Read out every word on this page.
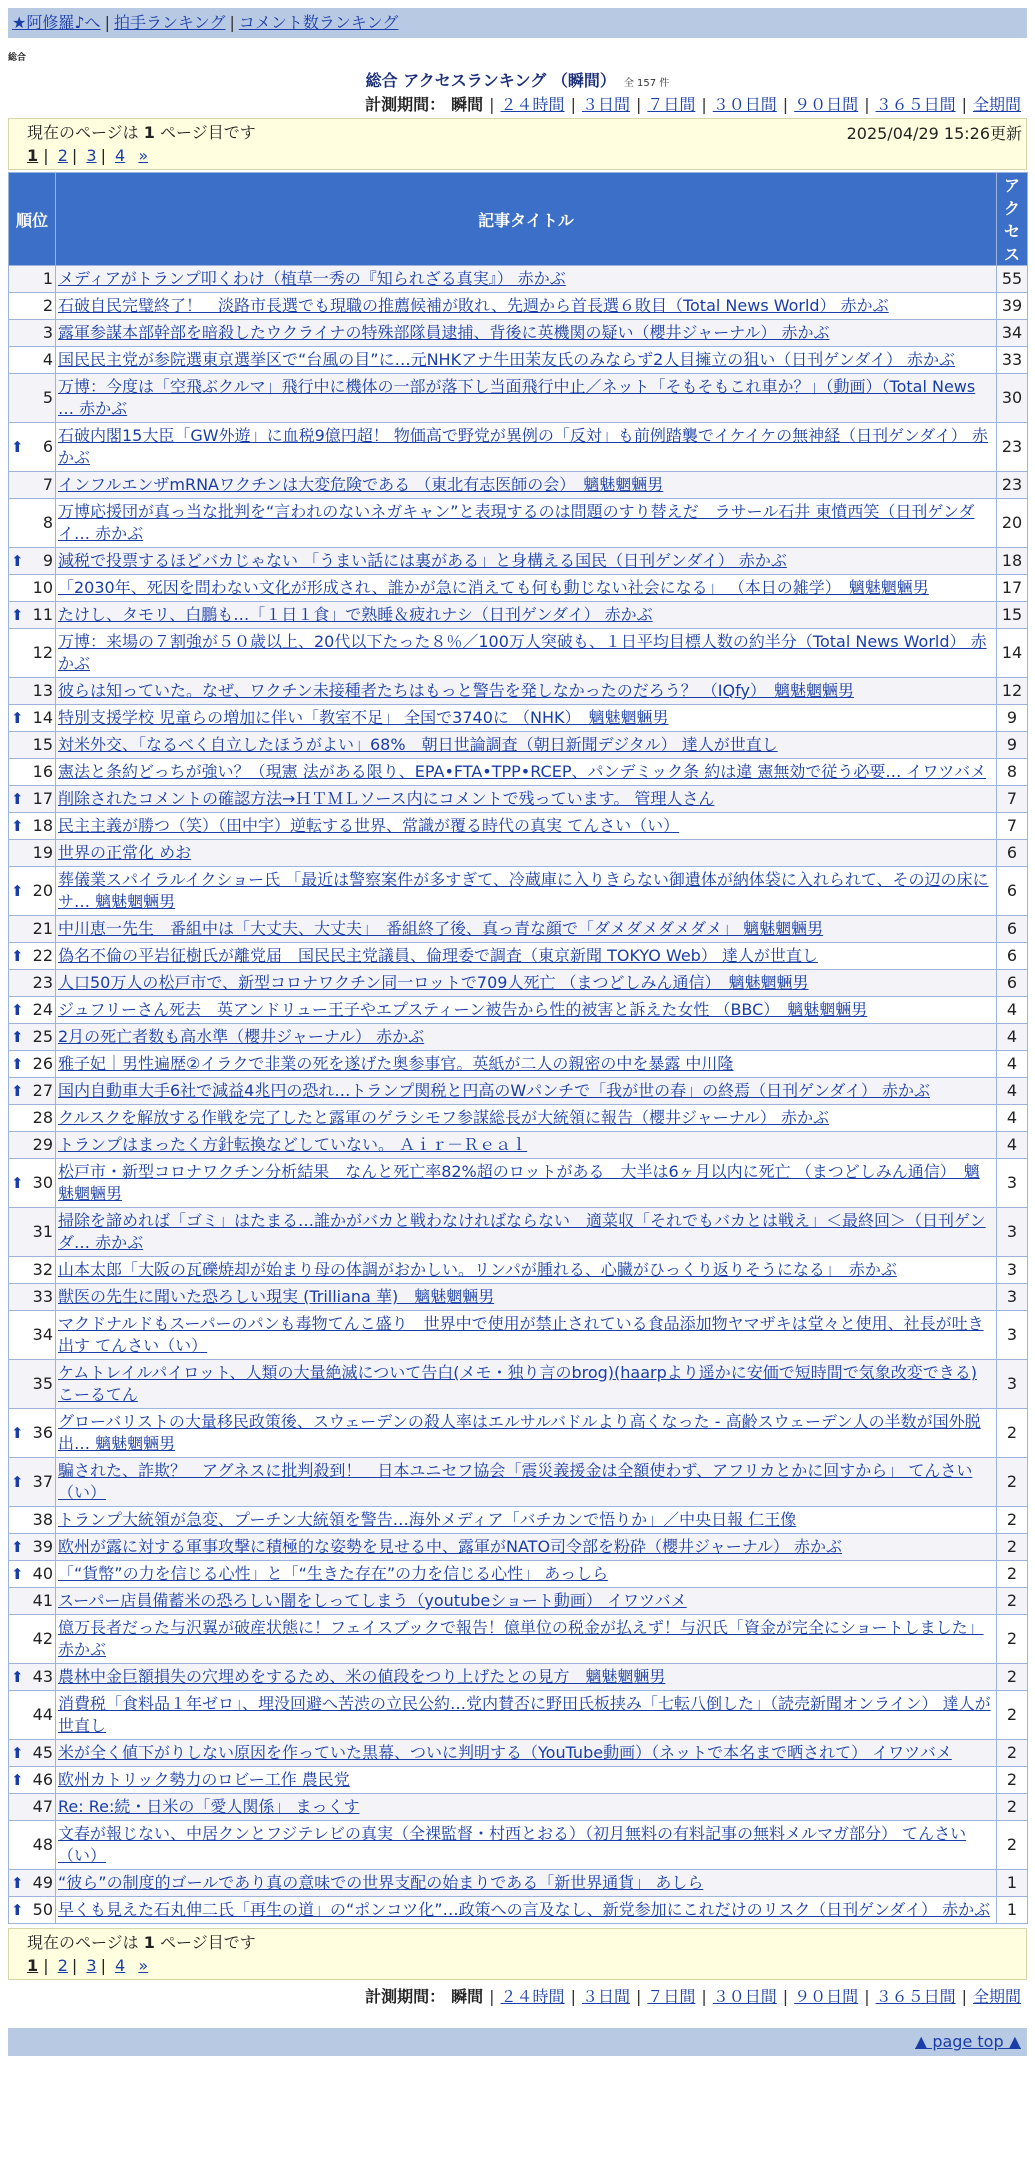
★阿修羅♪へ | 拍手ランキング | コメント数ランキング
総合
総合 アクセスランキング （瞬間） 全 157 件
計測期間： 瞬間 | ２４時間 | ３日間 | ７日間 | ３０日間 | ９０日間 | ３６５日間 | 全期間
現在のページは 1 ページ目です	2025/04/29 15:26更新
1 | 2 | 3 | 4 »
順位	記事タイトル	アクセス
1	メディアがトランプ叩くわけ（植草一秀の『知られざる真実』） 赤かぶ	55
2	石破自民完璧終了！　淡路市長選でも現職の推薦候補が敗れ、先週から首長選６敗目（Total News World） 赤かぶ	39
3	露軍参謀本部幹部を暗殺したウクライナの特殊部隊員逮捕、背後に英機関の疑い（櫻井ジャーナル） 赤かぶ	34
4	国民民主党が参院選東京選挙区で“台風の目”に…元NHKアナ牛田茉友氏のみならず2人目擁立の狙い（日刊ゲンダイ） 赤かぶ	33
5	万博：今度は「空飛ぶクルマ」飛行中に機体の一部が落下し当面飛行中止／ネット「そもそもこれ車か？」（動画）（Total News … 赤かぶ	30

⬆ 6	石破内閣15大臣「GW外遊」に血税9億円超！ 物価高で野党が異例の「反対」も前例踏襲でイケイケの無神経（日刊ゲンダイ） 赤かぶ	23
7	インフルエンザmRNAワクチンは大変危険である （東北有志医師の会）　魑魅魍魎男	23
8	万博応援団が真っ当な批判を“言われのないネガキャン”と表現するのは問題のすり替えだ　ラサール石井 東憤西笑（日刊ゲンダイ… 赤かぶ	20

⬆ 9	減税で投票するほどバカじゃない 「うまい話には裏がある」と身構える国民（日刊ゲンダイ） 赤かぶ	18
10	「2030年、死因を問わない文化が形成され、誰かが急に消えても何も動じない社会になる」 （本日の雑学）　魑魅魍魎男	17

⬆ 11	たけし、タモリ、白鵬も…「１日１食」で熟睡＆疲れナシ（日刊ゲンダイ） 赤かぶ	15
12	万博：来場の７割強が５０歳以上、20代以下たった８％／100万人突破も、１日平均目標人数の約半分（Total News World） 赤かぶ	14
13	彼らは知っていた。なぜ、ワクチン未接種者たちはもっと警告を発しなかったのだろう？ （IQfy）　魑魅魍魎男	12

⬆ 14	特別支援学校 児童らの増加に伴い「教室不足」 全国で3740に （NHK）　魑魅魍魎男	9
15	対米外交、「なるべく自立したほうがよい」68%　朝日世論調査（朝日新聞デジタル） 達人が世直し	9
16	憲法と条約どっちが強い？（現憲 法がある限り、EPA•FTA•TPP•RCEP、パンデミック条 約は違 憲無効で従う必要… イワツバメ	8

⬆ 17	削除されたコメントの確認方法→ＨＴＭＬソース内にコメントで残っています。 管理人さん	7

⬆ 18	民主主義が勝つ（笑）（田中宇）逆転する世界、常識が覆る時代の真実 てんさい（い）	7
19	世界の正常化 めお	6

⬆ 20	葬儀業スパイラルイクショー氏 「最近は警察案件が多すぎて、冷蔵庫に入りきらない御遺体が納体袋に入れられて、その辺の床にサ… 魑魅魍魎男	6
21	中川恵一先生　番組中は「大丈夫、大丈夫」　番組終了後、真っ青な顔で「ダメダメダメダメ」 魑魅魍魎男	6

⬆ 22	偽名不倫の平岩征樹氏が離党届　国民民主党議員、倫理委で調査（東京新聞 TOKYO Web） 達人が世直し	6
23	人口50万人の松戸市で、新型コロナワクチン同一ロットで709人死亡 （まつどしみん通信）　魑魅魍魎男	6

⬆ 24	ジュフリーさん死去　英アンドリュー王子やエプスティーン被告から性的被害と訴えた女性 （BBC）　魑魅魍魎男	4

⬆ 25	2月の死亡者数も高水準（櫻井ジャーナル） 赤かぶ	4

⬆ 26	雅子妃｜男性遍歴②イラクで非業の死を遂げた奥参事官。英紙が二人の親密の中を暴露 中川隆	4

⬆ 27	国内自動車大手6社で減益4兆円の恐れ…トランプ関税と円高のWパンチで「我が世の春」の終焉（日刊ゲンダイ） 赤かぶ	4
28	クルスクを解放する作戦を完了したと露軍のゲラシモフ参謀総長が大統領に報告（櫻井ジャーナル） 赤かぶ	4
29	トランプはまったく方針転換などしていない。 Ａｉｒ－Ｒｅａｌ	4

⬆ 30	松戸市・新型コロナワクチン分析結果　なんと死亡率82%超のロットがある　大半は6ヶ月以内に死亡 （まつどしみん通信）　魑魅魍魎男	3
31	掃除を諦めれば「ゴミ」はたまる…誰かがバカと戦わなければならない　適菜収「それでもバカとは戦え」＜最終回＞（日刊ゲンダ… 赤かぶ	3
32	山本太郎「大阪の瓦礫焼却が始まり母の体調がおかしい。リンパが腫れる、心臓がひっくり返りそうになる」　赤かぶ	3
33	獣医の先生に聞いた恐ろしい現実 (Trilliana 華)　魑魅魍魎男	3
34	マクドナルドもスーパーのパンも毒物てんこ盛り　世界中で使用が禁止されている食品添加物ヤマザキは堂々と使用、社長が吐き出す てんさい（い）	3
35	ケムトレイルパイロット、人類の大量絶滅について告白(メモ・独り言のbrog)(haarpより遥かに安価で短時間で気象改変できる) こーるてん	3

⬆ 36	グローバリストの大量移民政策後、スウェーデンの殺人率はエルサルバドルより高くなった - 高齢スウェーデン人の半数が国外脱出… 魑魅魍魎男	2

⬆ 37	騙された、詐欺？　アグネスに批判殺到！　日本ユニセフ協会「震災義援金は全額使わず、アフリカとかに回すから」 てんさい（い）	2
38	トランプ大統領が急変、プーチン大統領を警告…海外メディア「バチカンで悟りか」／中央日報 仁王像	2

⬆ 39	欧州が露に対する軍事攻撃に積極的な姿勢を見せる中、露軍がNATO司令部を粉砕（櫻井ジャーナル） 赤かぶ	2

⬆ 40	「“貨幣”の力を信じる心性」と「“生きた存在”の力を信じる心性」 あっしら	2
41	スーパー店員備蓄米の恐ろしい闇をしってしまう（youtubeショート動画） イワツバメ	2
42	億万長者だった与沢翼が破産状態に！フェイスブックで報告！億単位の税金が払えず！与沢氏「資金が完全にショートしました」 赤かぶ	2

⬆ 43	農林中金巨額損失の穴埋めをするため、米の値段をつり上げたとの見方　魑魅魍魎男	2
44	消費税「食料品１年ゼロ」、埋没回避へ苦渋の立民公約…党内賛否に野田氏板挟み「七転八倒した」（読売新聞オンライン） 達人が世直し	2

⬆ 45	米が全く値下がりしない原因を作っていた黒幕、ついに判明する（YouTube動画）（ネットで本名まで晒されて） イワツバメ	2

⬆ 46	欧州カトリック勢力のロビー工作 農民党	2
47	Re: Re:続・日米の「愛人関係」 まっくす	2
48	文春が報じない、中居クンとフジテレビの真実（全裸監督・村西とおる）（初月無料の有料記事の無料メルマガ部分） てんさい（い）	2

⬆ 49	“彼ら”の制度的ゴールであり真の意味での世界支配の始まりである「新世界通貨」 あしら	1

⬆ 50	早くも見えた石丸伸二氏「再生の道」の“ポンコツ化”…政策への言及なし、新党参加にこれだけのリスク（日刊ゲンダイ） 赤かぶ	1
現在のページは 1 ページ目です
1 | 2 | 3 | 4 »
計測期間： 瞬間 | ２４時間 | ３日間 | ７日間 | ３０日間 | ９０日間 | ３６５日間 | 全期間
▲ page top ▲
